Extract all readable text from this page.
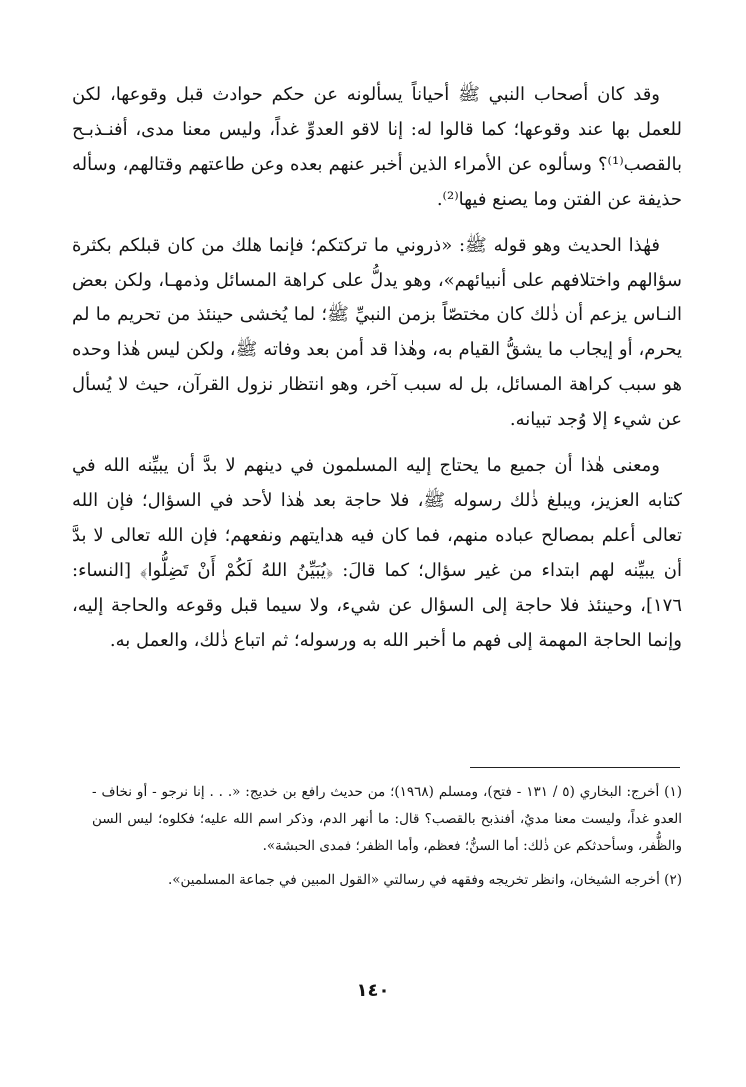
وقد كان أصحاب النبي ﷺ أحياناً يسألونه عن حكم حوادث قبل وقوعها، لكن للعمل بها عند وقوعها؛ كما قالوا له: إنا لاقو العدوِّ غداً، وليس معنا مدى، أفنـذبـح بالقصب⁽¹⁾؟ وسألوه عن الأمراء الذين أخبر عنهم بعده وعن طاعتهم وقتالهم، وسأله حذيفة عن الفتن وما يصنع فيها⁽²⁾.

فهٰذا الحديث وهو قوله ﷺ: «ذروني ما تركتكم؛ فإنما هلك من كان قبلكم بكثرة سؤالهم واختلافهم على أنبيائهم»، وهو يدلُّ على كراهة المسائل وذمهـا، ولكن بعض النـاس يزعم أن ذٰلك كان مختصّاً بزمن النبيِّ ﷺ؛ لما يُخشى حينئذ من تحريم ما لم يحرم، أو إيجاب ما يشقُّ القيام به، وهٰذا قد أمن بعد وفاته ﷺ، ولكن ليس هٰذا وحده هو سبب كراهة المسائل، بل له سبب آخر، وهو انتظار نزول القرآن، حيث لا يُسأل عن شيء إلا وُجد تبيانه.

ومعنى هٰذا أن جميع ما يحتاج إليه المسلمون في دينهم لا بدَّ أن يبيِّنه الله في كتابه العزيز، ويبلغ ذٰلك رسوله ﷺ، فلا حاجة بعد هٰذا لأحد في السؤال؛ فإن الله تعالى أعلم بمصالح عباده منهم، فما كان فيه هدايتهم ونفعهم؛ فإن الله تعالى لا بدَّ أن يبيِّنه لهم ابتداء من غير سؤال؛ كما قالَ: ﴿يُبَيِّنُ اللهُ لَكُمْ أَنْ تَضِلُّوا﴾ [النساء: ١٧٦]، وحينئذ فلا حاجة إلى السؤال عن شيء، ولا سيما قبل وقوعه والحاجة إليه، وإنما الحاجة المهمة إلى فهم ما أخبر الله به ورسوله؛ ثم اتباع ذٰلك، والعمل به.

(١) أخرج: البخاري (٥ / ١٣١ - فتح)، ومسلم (١٩٦٨)؛ من حديث رافع بن خديج: «. . . إنا نرجو - أو نخاف - العدو غداً، وليست معنا مديٌ، أفنذبح بالقصب؟ قال: ما أنهر الدم، وذكر اسم الله عليه؛ فكلوه؛ ليس السن والظُّفر، وسأحدثكم عن ذٰلك: أما السنُّ؛ فعظم، وأما الظفر؛ فمدى الحبشة».

(٢) أخرجه الشيخان، وانظر تخريجه وفقهه في رسالتي «القول المبين في جماعة المسلمين».

١٤٠
